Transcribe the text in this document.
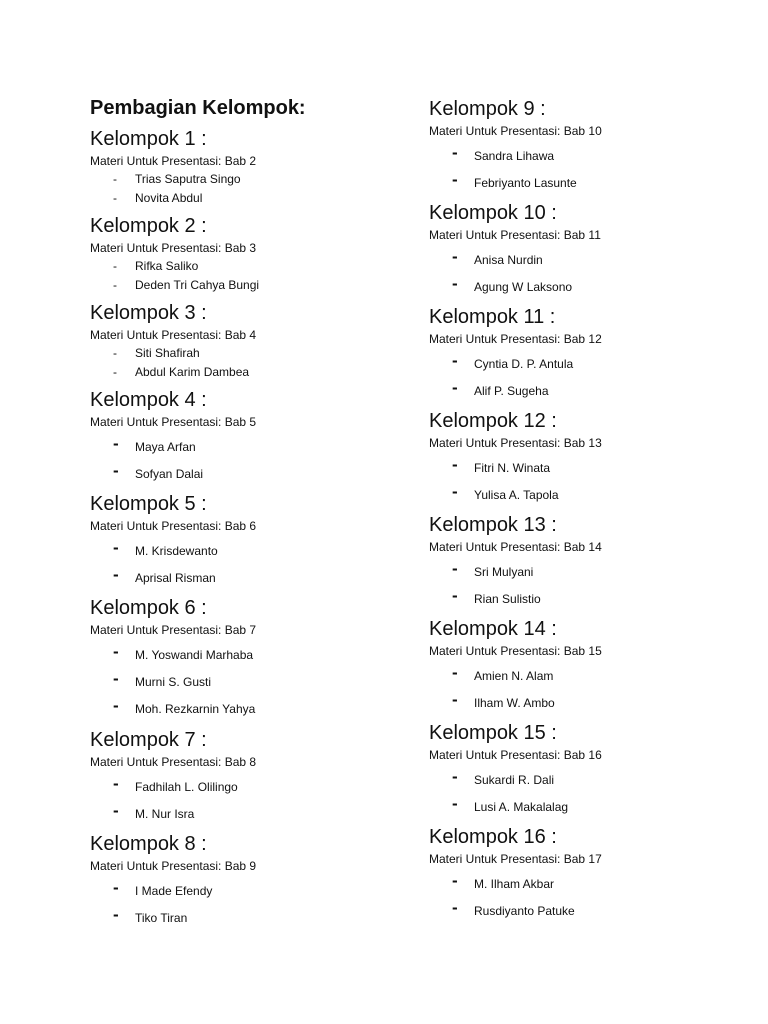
Pembagian Kelompok:
Kelompok 1 :
Materi Untuk Presentasi: Bab 2
- Trias Saputra Singo
- Novita Abdul
Kelompok 2 :
Materi Untuk Presentasi: Bab 3
- Rifka Saliko
- Deden Tri Cahya Bungi
Kelompok 3 :
Materi Untuk Presentasi: Bab 4
- Siti Shafirah
- Abdul Karim Dambea
Kelompok 4 :
Materi Untuk Presentasi: Bab 5
- Maya Arfan
- Sofyan Dalai
Kelompok 5 :
Materi Untuk Presentasi: Bab 6
- M. Krisdewanto
- Aprisal Risman
Kelompok 6 :
Materi Untuk Presentasi: Bab 7
- M. Yoswandi Marhaba
- Murni S. Gusti
- Moh. Rezkarnin Yahya
Kelompok 7 :
Materi Untuk Presentasi: Bab 8
- Fadhilah L. Olilingo
- M. Nur Isra
Kelompok 8 :
Materi Untuk Presentasi: Bab 9
- I Made Efendy
- Tiko Tiran
Kelompok 9 :
Materi Untuk Presentasi: Bab 10
- Sandra Lihawa
- Febriyanto Lasunte
Kelompok 10 :
Materi Untuk Presentasi: Bab 11
- Anisa Nurdin
- Agung W Laksono
Kelompok 11 :
Materi Untuk Presentasi: Bab 12
- Cyntia D. P. Antula
- Alif P. Sugeha
Kelompok 12 :
Materi Untuk Presentasi: Bab 13
- Fitri N. Winata
- Yulisa A. Tapola
Kelompok 13 :
Materi Untuk Presentasi: Bab 14
- Sri Mulyani
- Rian Sulistio
Kelompok 14 :
Materi Untuk Presentasi: Bab 15
- Amien N. Alam
- Ilham W. Ambo
Kelompok 15 :
Materi Untuk Presentasi: Bab 16
- Sukardi R. Dali
- Lusi A. Makalalag
Kelompok 16 :
Materi Untuk Presentasi: Bab 17
- M. Ilham Akbar
- Rusdiyanto Patuke
